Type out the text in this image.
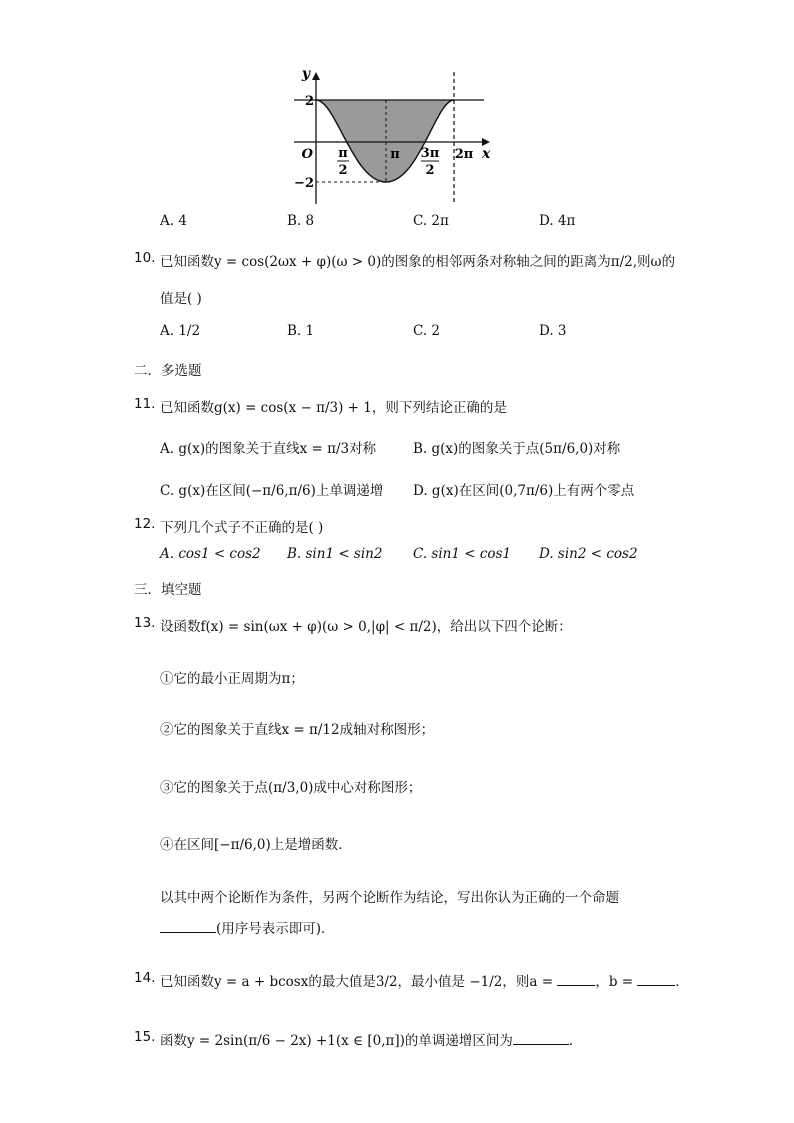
y
x
O
2
−2
π
2
π 3π
2
2π
A. 4	B. 8	C. 2π	D. 4π
10. 已知函数y = cos(2ωx + φ)(ω > 0)的图象的相邻两条对称轴之间的距离为π/2,则ω的
值是( )
A. 1/2	B. 1	C. 2	D. 3
二．多选题
11. 已知函数g(x) = cos(x − π/3) + 1，则下列结论正确的是
A. g(x)的图象关于直线x = π/3对称	B. g(x)的图象关于点(5π/6,0)对称
C. g(x)在区间(−π/6,π/6)上单调递增 D. g(x)在区间(0,7π/6)上有两个零点
12. 下列几个式子不正确的是( )
A. cos1 < cos2 B. sin1 < sin2 C. sin1 < cos1 D. sin2 < cos2
三．填空题
13. 设函数f(x) = sin(ωx + φ)(ω > 0,|φ| < π/2)，给出以下四个论断：
①它的最小正周期为π；
②它的图象关于直线x = π/12成轴对称图形；
③它的图象关于点(π/3,0)成中心对称图形；
④在区间[−π/6,0)上是增函数．
以其中两个论断作为条件，另两个论断作为结论，写出你认为正确的一个命题
(用序号表示即可)．
14. 已知函数y = a + bcosx的最大值是3/2，最小值是 −1/2，则a =	，b =	．
15. 函数y = 2sin(π/6 − 2x) +1(x ∈ [0,π])的单调递增区间为	．
